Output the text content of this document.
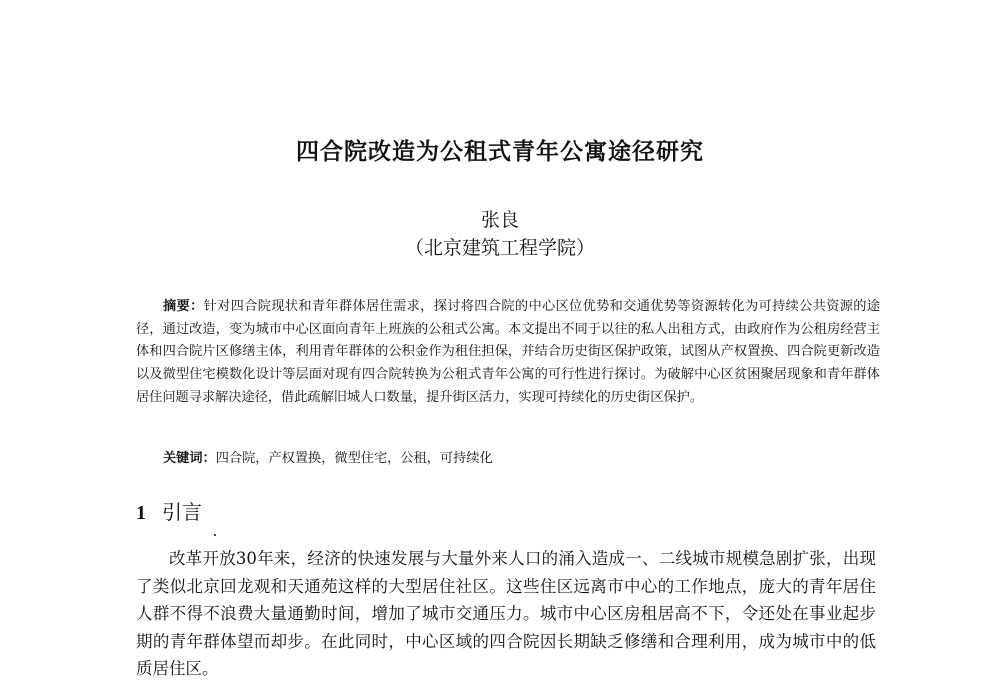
四合院改造为公租式青年公寓途径研究
张良
（北京建筑工程学院）
摘要：针对四合院现状和青年群体居住需求，探讨将四合院的中心区位优势和交通优势等资源转化为可持续公共资源的途径，通过改造，变为城市中心区面向青年上班族的公租式公寓。本文提出不同于以往的私人出租方式，由政府作为公租房经营主体和四合院片区修缮主体，利用青年群体的公积金作为租住担保，并结合历史街区保护政策，试图从产权置换、四合院更新改造以及微型住宅模数化设计等层面对现有四合院转换为公租式青年公寓的可行性进行探讨。为破解中心区贫困聚居现象和青年群体居住问题寻求解决途径，借此疏解旧城人口数量，提升街区活力，实现可持续化的历史街区保护。
关键词：四合院，产权置换，微型住宅，公租，可持续化
1 引言
改革开放30年来，经济的快速发展与大量外来人口的涌入造成一、二线城市规模急剧扩张，出现了类似北京回龙观和天通苑这样的大型居住社区。这些住区远离市中心的工作地点，庞大的青年居住人群不得不浪费大量通勤时间，增加了城市交通压力。城市中心区房租居高不下，令还处在事业起步期的青年群体望而却步。在此同时，中心区域的四合院因长期缺乏修缮和合理利用，成为城市中的低质居住区。
